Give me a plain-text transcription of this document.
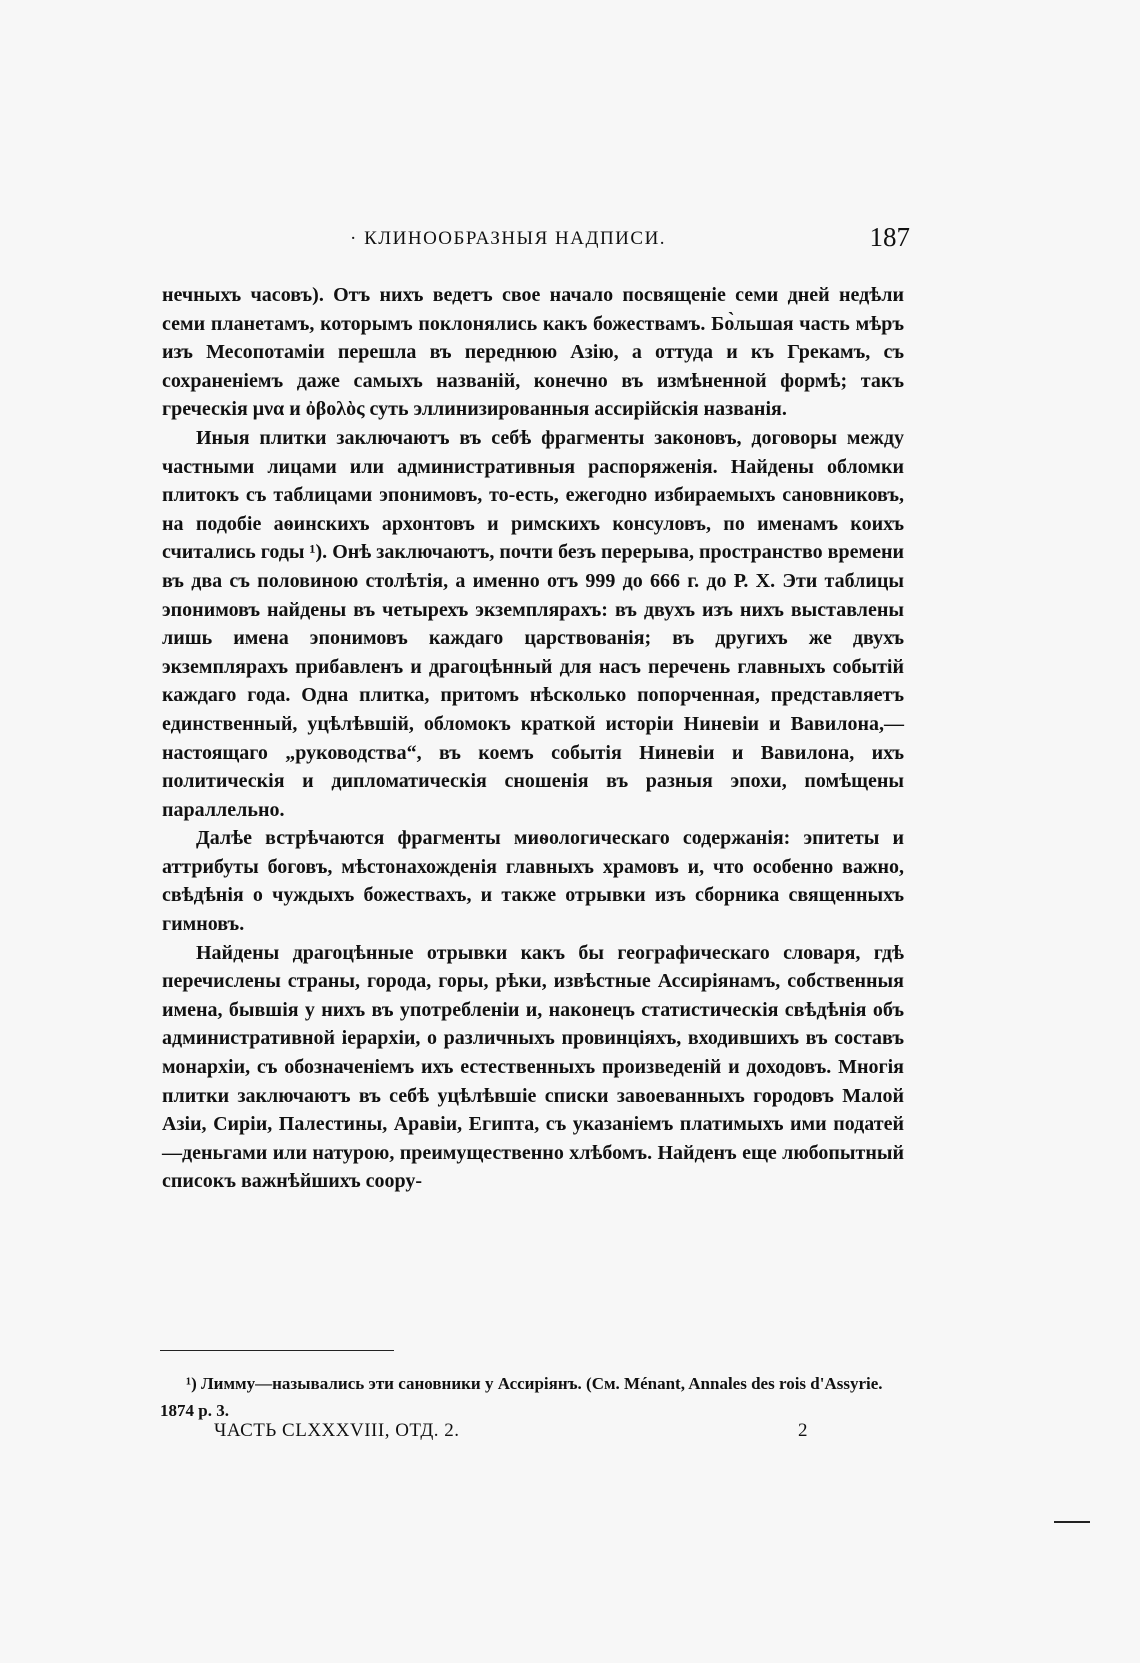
· КЛИНООБРАЗНЫЯ НАДПИСИ.	187

нечныхъ часовъ). Отъ нихъ ведетъ свое начало посвященіе семи дней недѣли семи планетамъ, которымъ поклонялись какъ божествамъ. Бо̀льшая часть мѣръ изъ Месопотаміи перешла въ переднюю Азію, а оттуда и къ Грекамъ, съ сохраненіемъ даже самыхъ названій, конечно въ измѣненной формѣ; такъ греческія μνα и ὀβολὸς суть эллинизированныя ассирійскія названія.

Иныя плитки заключаютъ въ себѣ фрагменты законовъ, договоры между частными лицами или административныя распоряженія. Найдены обломки плитокъ съ таблицами эпонимовъ, то-есть, ежегодно избираемыхъ сановниковъ, на подобіе аѳинскихъ архонтовъ и римскихъ консуловъ, по именамъ коихъ считались годы ¹). Онѣ заключаютъ, почти безъ перерыва, пространство времени въ два съ половиною столѣтія, а именно отъ 999 до 666 г. до Р. Х. Эти таблицы эпонимовъ найдены въ четырехъ экземплярахъ: въ двухъ изъ нихъ выставлены лишь имена эпонимовъ каждаго царствованія; въ другихъ же двухъ экземплярахъ прибавленъ и драгоцѣнный для насъ перечень главныхъ событій каждаго года. Одна плитка, притомъ нѣсколько попорченная, представляетъ единственный, уцѣлѣвшій, обломокъ краткой исторіи Ниневіи и Вавилона,—настоящаго „руководства“, въ коемъ событія Ниневіи и Вавилона, ихъ политическія и дипломатическія сношенія въ разныя эпохи, помѣщены параллельно.

Далѣе встрѣчаются фрагменты миѳологическаго содержанія: эпитеты и аттрибуты боговъ, мѣстонахожденія главныхъ храмовъ и, что особенно важно, свѣдѣнія о чуждыхъ божествахъ, и также отрывки изъ сборника священныхъ гимновъ.

Найдены драгоцѣнные отрывки какъ бы географическаго словаря, гдѣ перечислены страны, города, горы, рѣки, извѣстные Ассиріянамъ, собственныя имена, бывшія у нихъ въ употребленіи и, наконецъ статистическія свѣдѣнія объ административной іерархіи, о различныхъ провинціяхъ, входившихъ въ составъ монархіи, съ обозначеніемъ ихъ естественныхъ произведеній и доходовъ. Многія плитки заключаютъ въ себѣ уцѣлѣвшіе списки завоеванныхъ городовъ Малой Азіи, Сиріи, Палестины, Аравіи, Египта, съ указаніемъ платимыхъ ими податей—деньгами или натурою, преимущественно хлѣбомъ. Найденъ еще любопытный списокъ важнѣйшихъ соору-

¹) Лимму—назывались эти сановники у Ассиріянъ. (См. Ménant, Annales des rois d'Assyrie. 1874 p. 3.

ЧАСТЬ CLXXXVIII, ОТД. 2.	2
